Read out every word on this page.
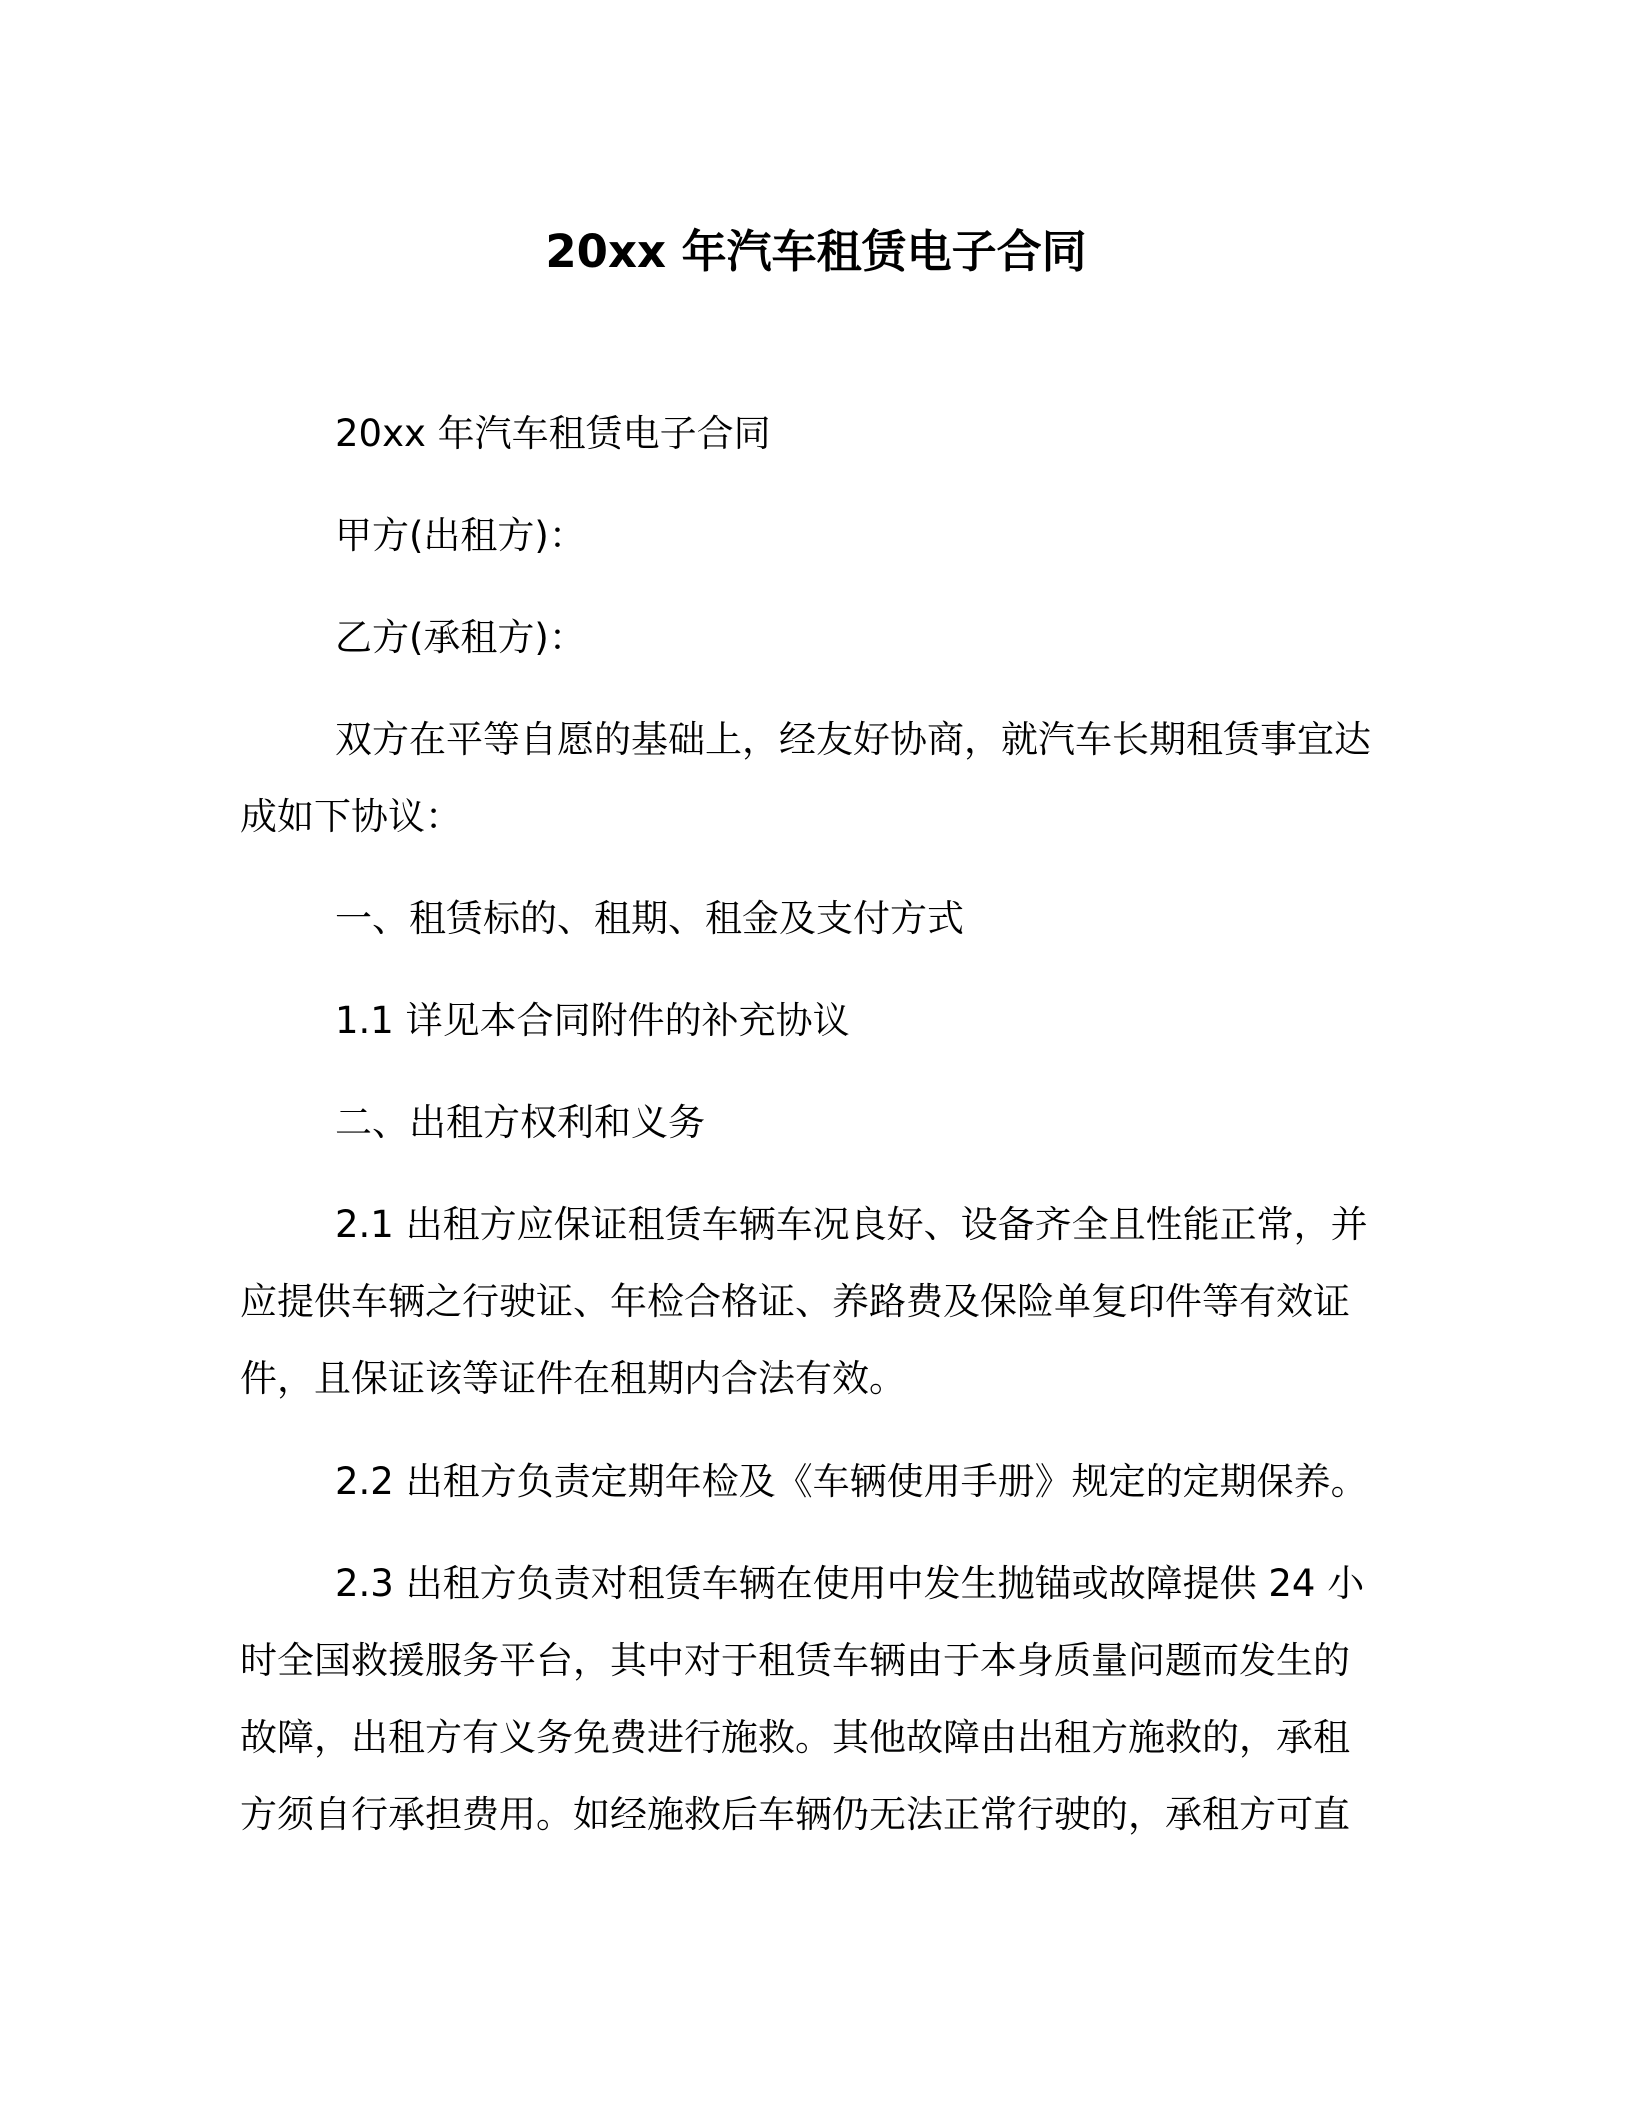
20xx 年汽车租赁电子合同
20xx 年汽车租赁电子合同
甲方(出租方)：
乙方(承租方)：
双方在平等自愿的基础上，经友好协商，就汽车长期租赁事宜达
成如下协议：
一、租赁标的、租期、租金及支付方式
1.1 详见本合同附件的补充协议
二、出租方权利和义务
2.1 出租方应保证租赁车辆车况良好、设备齐全且性能正常，并
应提供车辆之行驶证、年检合格证、养路费及保险单复印件等有效证
件，且保证该等证件在租期内合法有效。
2.2 出租方负责定期年检及《车辆使用手册》规定的定期保养。
2.3 出租方负责对租赁车辆在使用中发生抛锚或故障提供 24 小
时全国救援服务平台，其中对于租赁车辆由于本身质量问题而发生的
故障，出租方有义务免费进行施救。其他故障由出租方施救的，承租
方须自行承担费用。如经施救后车辆仍无法正常行驶的，承租方可直
